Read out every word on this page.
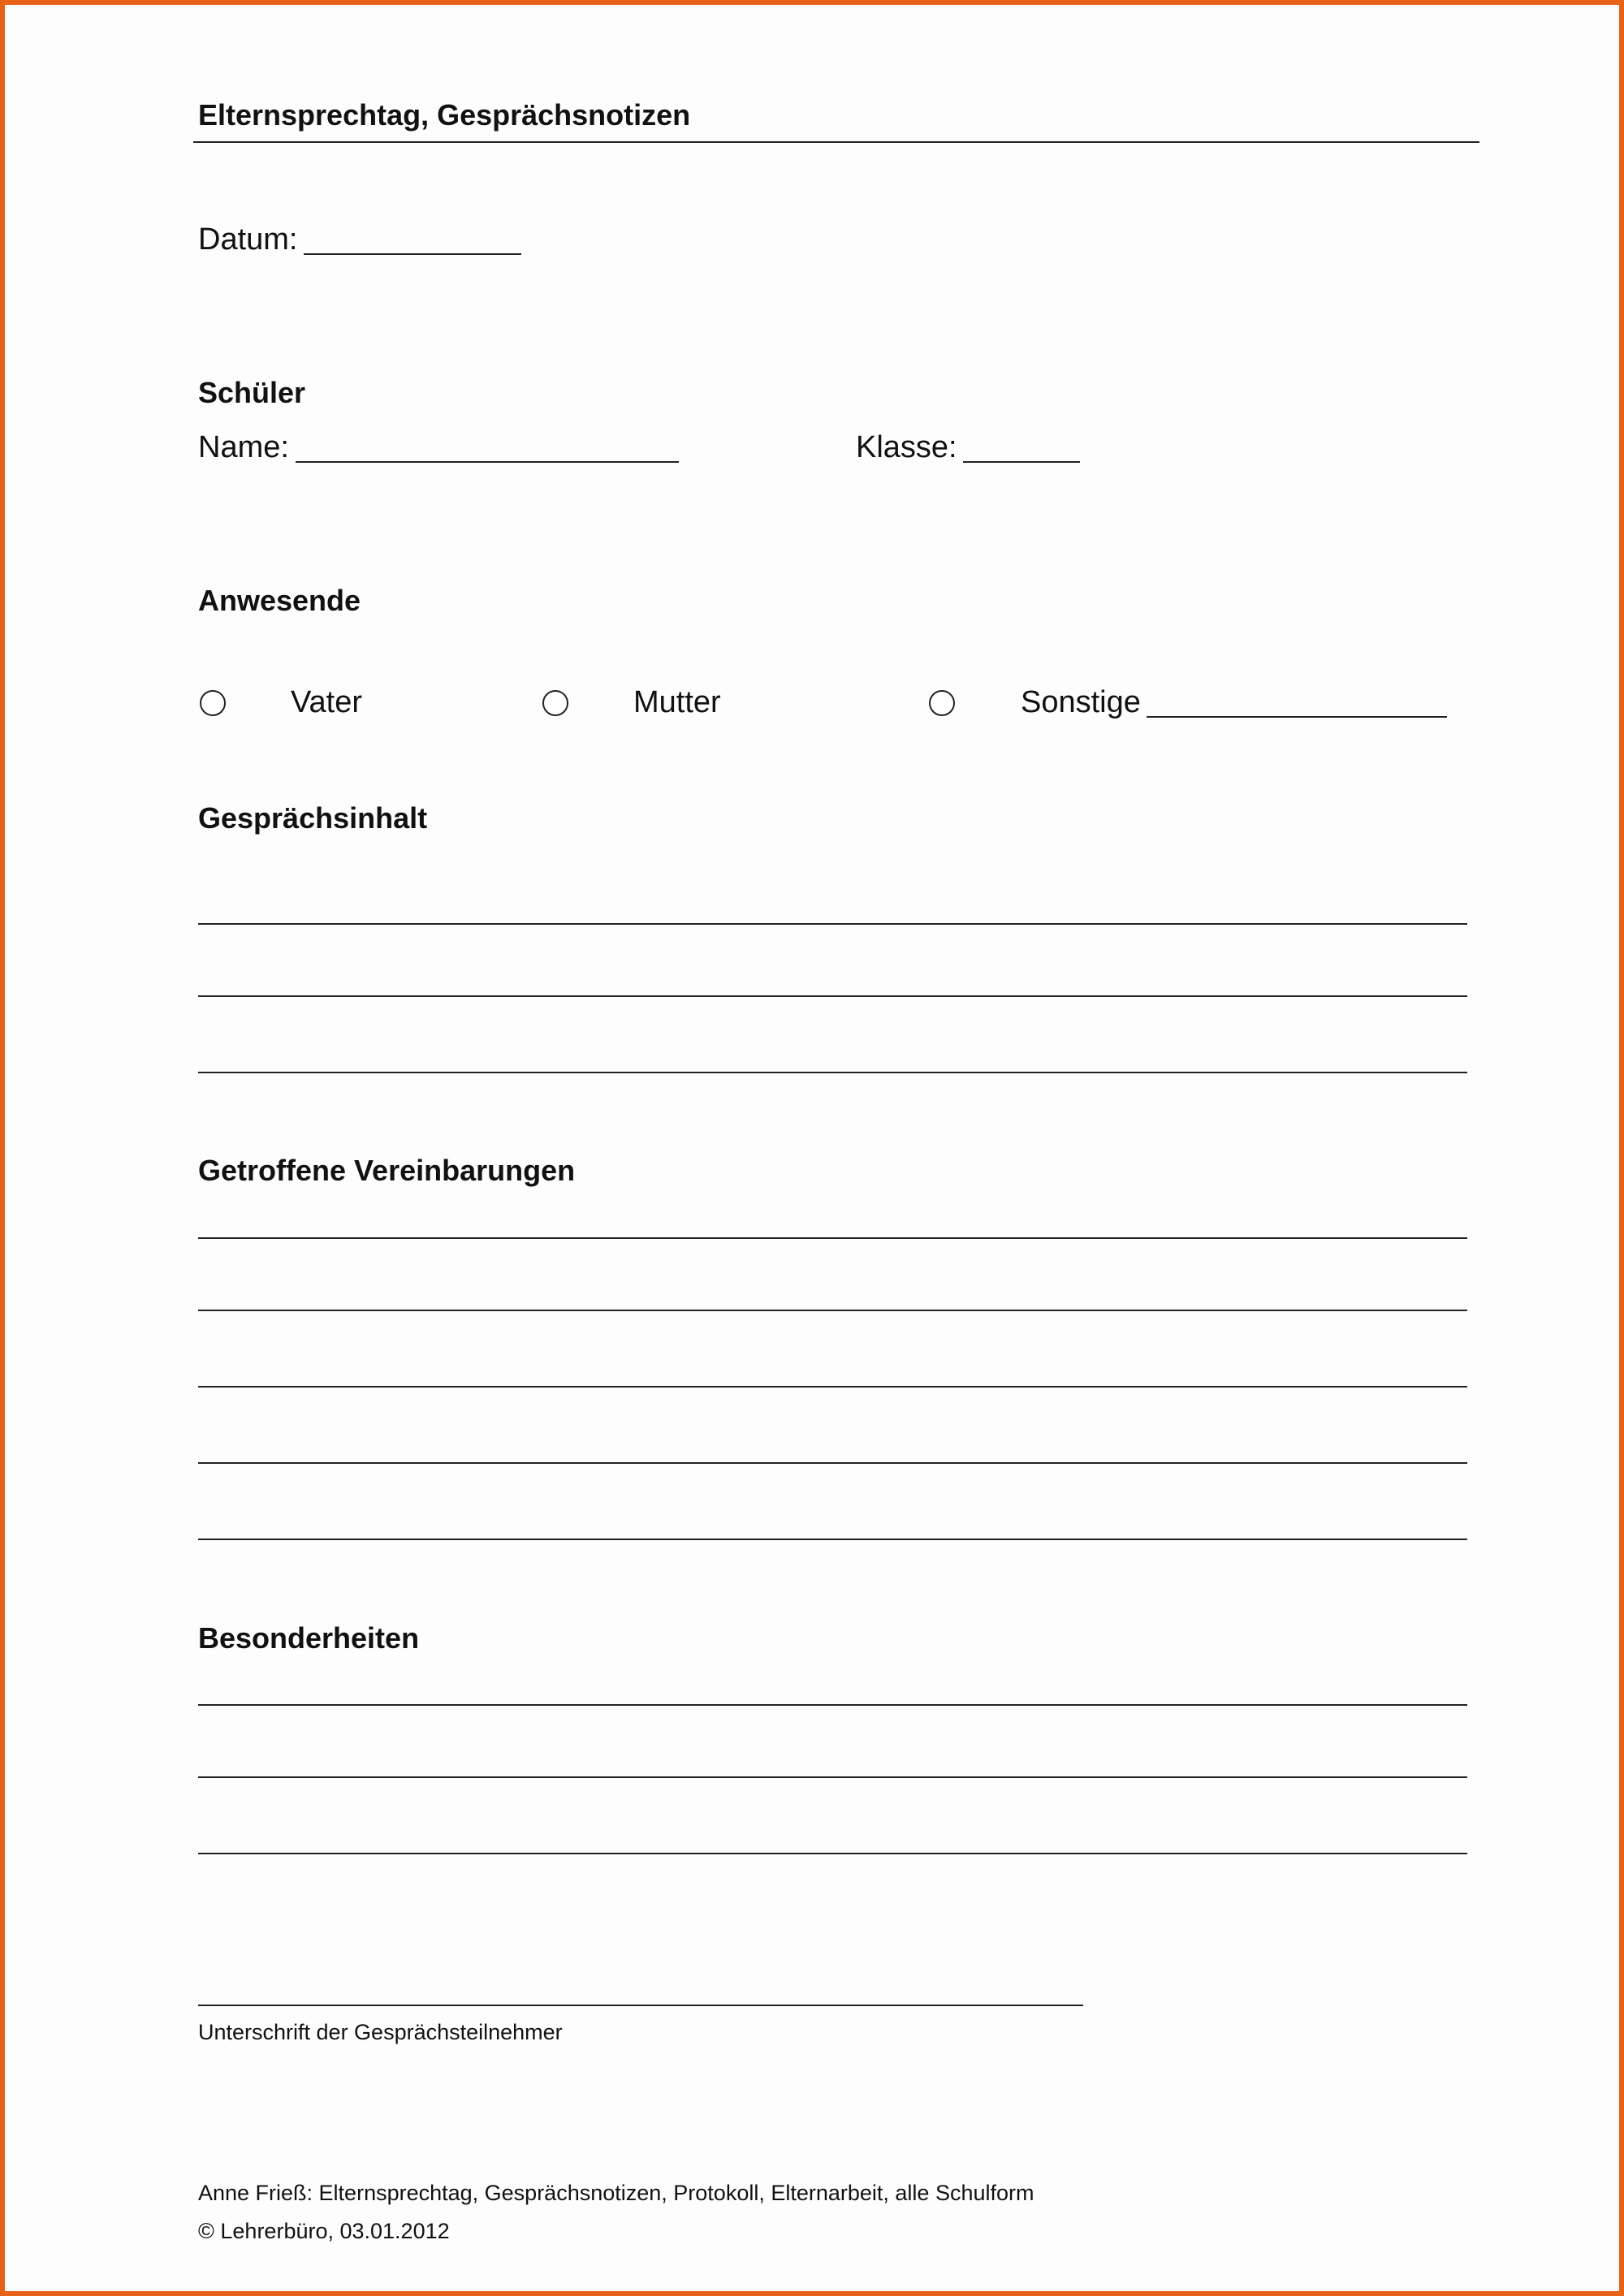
Elternsprechtag, Gesprächsnotizen
Datum:
Schüler
Name:	Klasse:
Anwesende
Vater	Mutter	Sonstige
Gesprächsinhalt
Getroffene Vereinbarungen
Besonderheiten
Unterschrift der Gesprächsteilnehmer
Anne Frieß: Elternsprechtag, Gesprächsnotizen, Protokoll, Elternarbeit, alle Schulform
© Lehrerbüro, 03.01.2012
